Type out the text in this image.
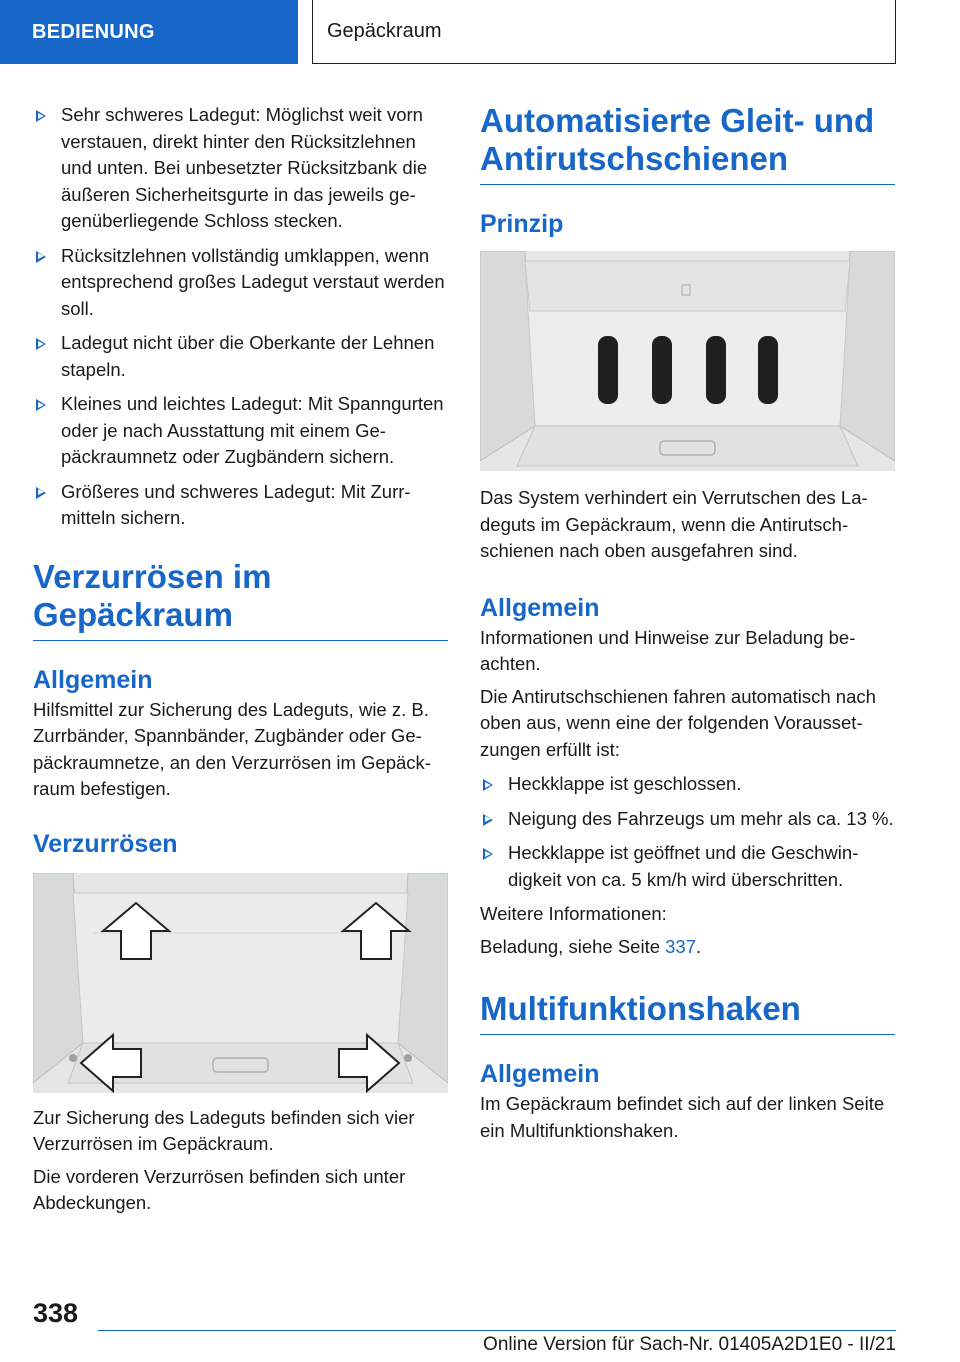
BEDIENUNG	Gepäckraum
Sehr schweres Ladegut: Möglichst weit vorn verstauen, direkt hinter den Rücksitzlehnen und unten. Bei unbesetzter Rücksitzbank die äußeren Sicherheitsgurte in das jeweils gegenüberliegende Schloss stecken.
Rücksitzlehnen vollständig umklappen, wenn entsprechend großes Ladegut verstaut werden soll.
Ladegut nicht über die Oberkante der Lehnen stapeln.
Kleines und leichtes Ladegut: Mit Spanngurten oder je nach Ausstattung mit einem Gepäckraumnetz oder Zugbändern sichern.
Größeres und schweres Ladegut: Mit Zurrmitteln sichern.
Verzurrösen im Gepäckraum
Allgemein

Hilfsmittel zur Sicherung des Ladeguts, wie z. B. Zurrbänder, Spannbänder, Zugbänder oder Gepäckraumnetze, an den Verzurrösen im Gepäckraum befestigen.

Verzurrösen

Zur Sicherung des Ladeguts befinden sich vier Verzurrösen im Gepäckraum.

Die vorderen Verzurrösen befinden sich unter Abdeckungen.

Automatisierte Gleit- und Antirutschschienen
Prinzip

Das System verhindert ein Verrutschen des Ladeguts im Gepäckraum, wenn die Antirutschschienen nach oben ausgefahren sind.

Allgemein

Informationen und Hinweise zur Beladung beachten.

Die Antirutschschienen fahren automatisch nach oben aus, wenn eine der folgenden Voraussetzungen erfüllt ist:

Heckklappe ist geschlossen.
Neigung des Fahrzeugs um mehr als ca. 13 %.
Heckklappe ist geöffnet und die Geschwindigkeit von ca. 5 km/h wird überschritten.

Weitere Informationen:

Beladung, siehe Seite 337.

Multifunktionshaken
Allgemein

Im Gepäckraum befindet sich auf der linken Seite ein Multifunktionshaken.

338
Online Version für Sach-Nr. 01405A2D1E0 - II/21
